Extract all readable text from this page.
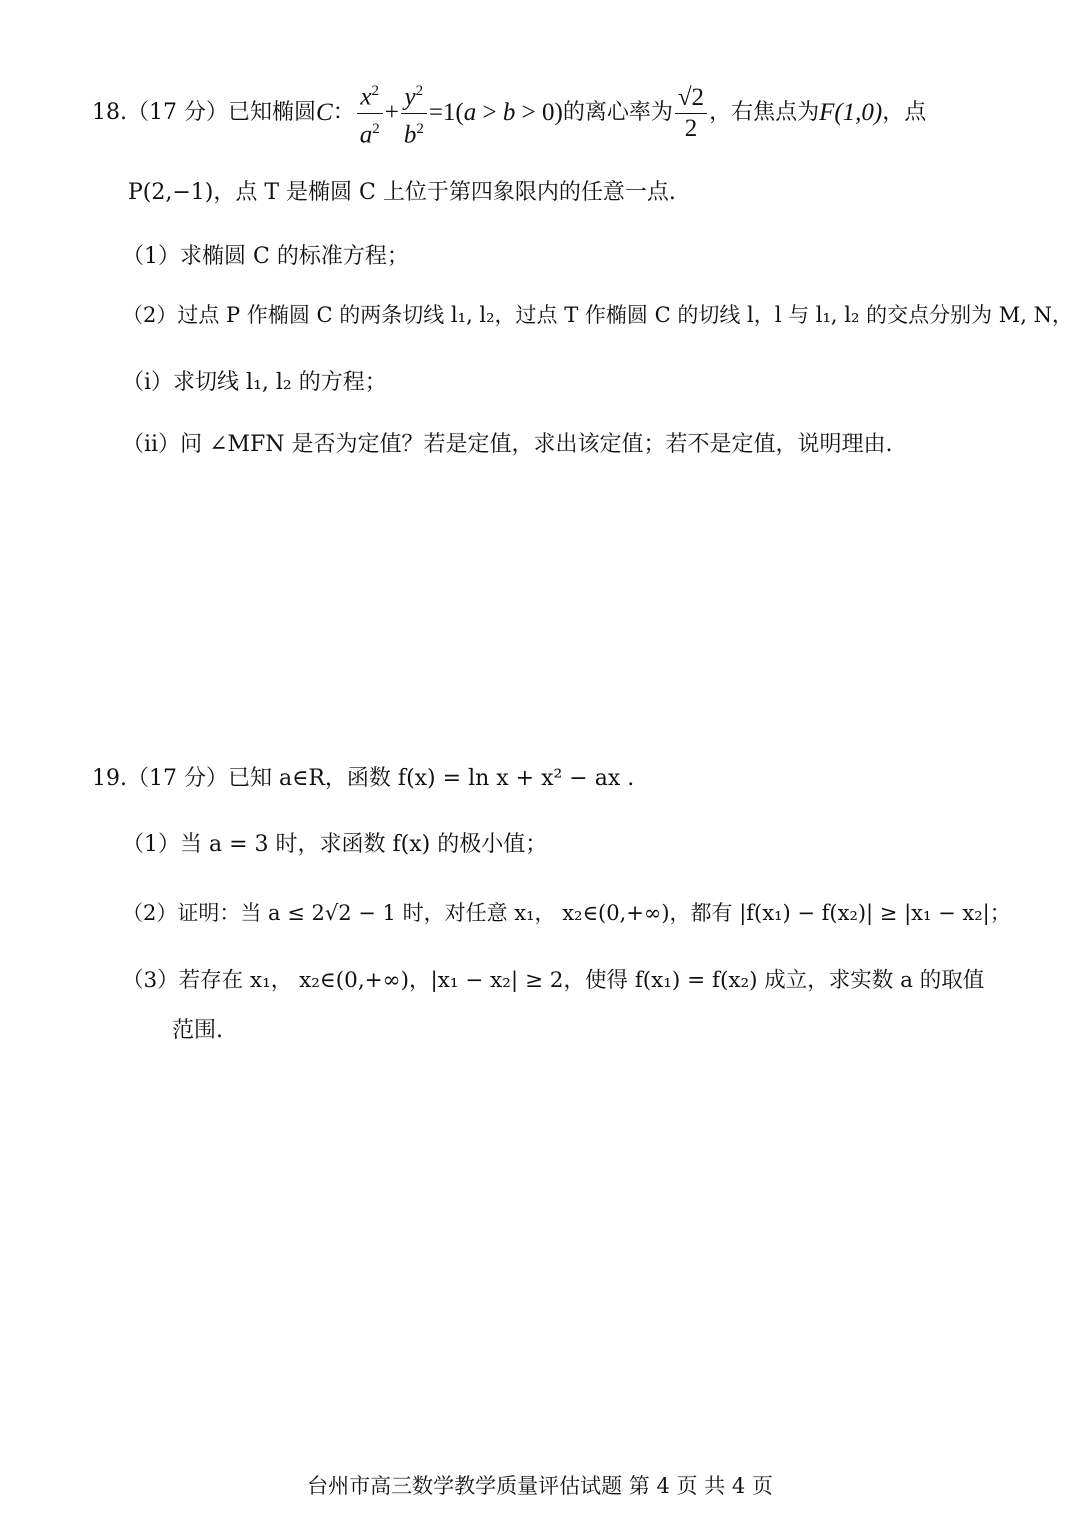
18. （17 分） 已知椭圆 C ： $\frac{x^2}{a^2} + \frac{y^2}{b^2} =1(a > b > 0)$ 的离心率为 $\frac{√2}{2}$ ，右焦点为 F(1,0) ，点
P(2,−1)，点 T 是椭圆 C 上位于第四象限内的任意一点.
（1）求椭圆 C 的标准方程；
（2）过点 P 作椭圆 C 的两条切线 l₁, l₂，过点 T 作椭圆 C 的切线 l，l 与 l₁, l₂ 的交点分别为 M, N，
（i）求切线 l₁, l₂ 的方程；
（ii）问 ∠MFN 是否为定值？若是定值，求出该定值；若不是定值，说明理由.
19.（17 分）已知 a∈R，函数 f(x) = ln x + x² − ax .
（1）当 a = 3 时，求函数 f(x) 的极小值；
（2）证明：当 a ≤ 2√2 − 1 时，对任意 x₁， x₂∈(0,+∞)，都有 |f(x₁) − f(x₂)| ≥ |x₁ − x₂|；
（3）若存在 x₁， x₂∈(0,+∞)，|x₁ − x₂| ≥ 2，使得 f(x₁) = f(x₂) 成立，求实数 a 的取值
范围.
台州市高三数学教学质量评估试题 第 4 页 共 4 页
